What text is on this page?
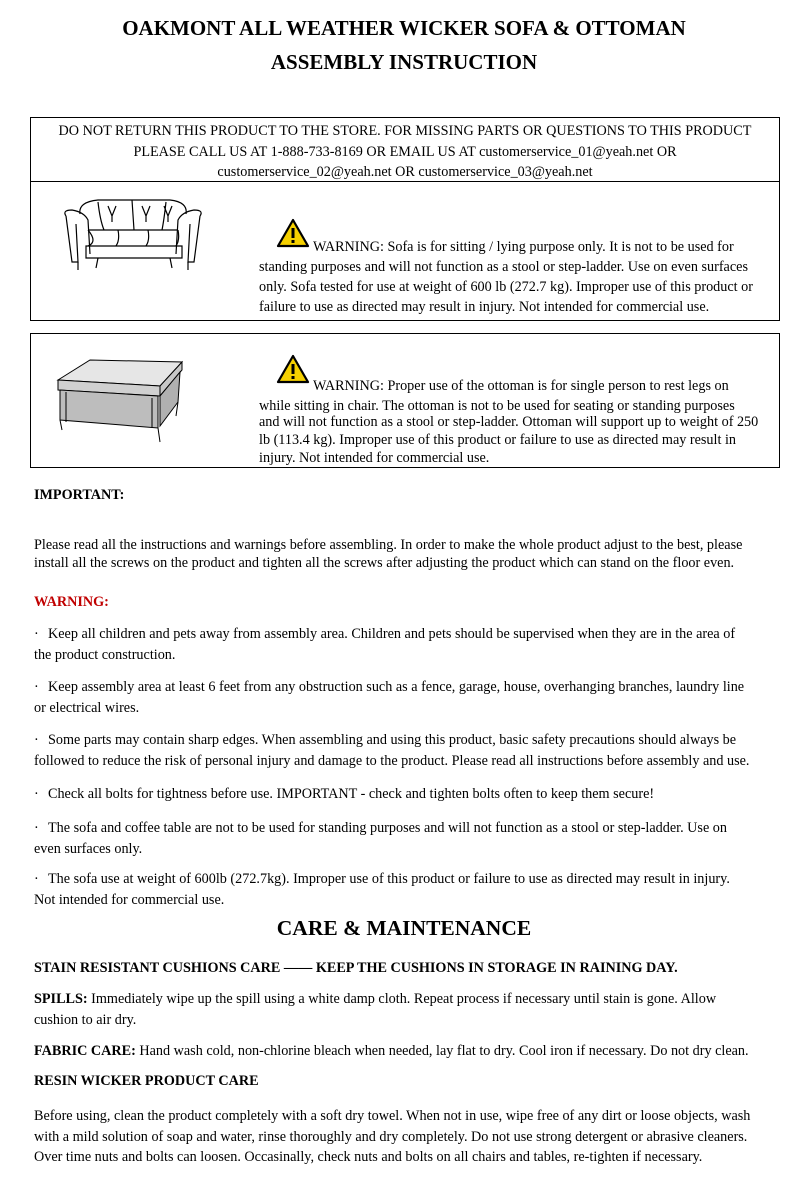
OAKMONT ALL WEATHER WICKER SOFA & OTTOMAN
ASSEMBLY INSTRUCTION
DO NOT RETURN THIS PRODUCT TO THE STORE. FOR MISSING PARTS OR QUESTIONS TO THIS PRODUCT
PLEASE CALL US AT 1-888-733-8169 OR EMAIL US AT customerservice_01@yeah.net OR
customerservice_02@yeah.net OR customerservice_03@yeah.net
WARNING: Sofa is for sitting / lying purpose only. It is not to be used for
standing purposes and will not function as a stool or step-ladder. Use on even surfaces
only. Sofa tested for use at weight of 600 lb (272.7 kg). Improper use of this product or
failure to use as directed may result in injury. Not intended for commercial use.
WARNING: Proper use of the ottoman is for single person to rest legs on
while sitting in chair. The ottoman is not to be used for seating or standing purposes
and will not function as a stool or step-ladder. Ottoman will support up to weight of 250
lb (113.4 kg). Improper use of this product or failure to use as directed may result in
injury. Not intended for commercial use.
IMPORTANT:
Please read all the instructions and warnings before assembling. In order to make the whole product adjust to the best, please
install all the screws on the product and tighten all the screws after adjusting the product which can stand on the floor even.
WARNING:
· Keep all children and pets away from assembly area. Children and pets should be supervised when they are in the area of
the product construction.
· Keep assembly area at least 6 feet from any obstruction such as a fence, garage, house, overhanging branches, laundry line
or electrical wires.
· Some parts may contain sharp edges. When assembling and using this product, basic safety precautions should always be
followed to reduce the risk of personal injury and damage to the product. Please read all instructions before assembly and use.
· Check all bolts for tightness before use. IMPORTANT - check and tighten bolts often to keep them secure!
· The sofa and coffee table are not to be used for standing purposes and will not function as a stool or step-ladder. Use on
even surfaces only.
· The sofa use at weight of 600lb (272.7kg). Improper use of this product or failure to use as directed may result in injury.
Not intended for commercial use.
CARE & MAINTENANCE
STAIN RESISTANT CUSHIONS CARE —— KEEP THE CUSHIONS IN STORAGE IN RAINING DAY.
SPILLS: Immediately wipe up the spill using a white damp cloth. Repeat process if necessary until stain is gone. Allow
cushion to air dry.
FABRIC CARE: Hand wash cold, non-chlorine bleach when needed, lay flat to dry. Cool iron if necessary. Do not dry clean.
RESIN WICKER PRODUCT CARE
Before using, clean the product completely with a soft dry towel. When not in use, wipe free of any dirt or loose objects, wash
with a mild solution of soap and water, rinse thoroughly and dry completely. Do not use strong detergent or abrasive cleaners.
Over time nuts and bolts can loosen. Occasinally, check nuts and bolts on all chairs and tables, re-tighten if necessary.
